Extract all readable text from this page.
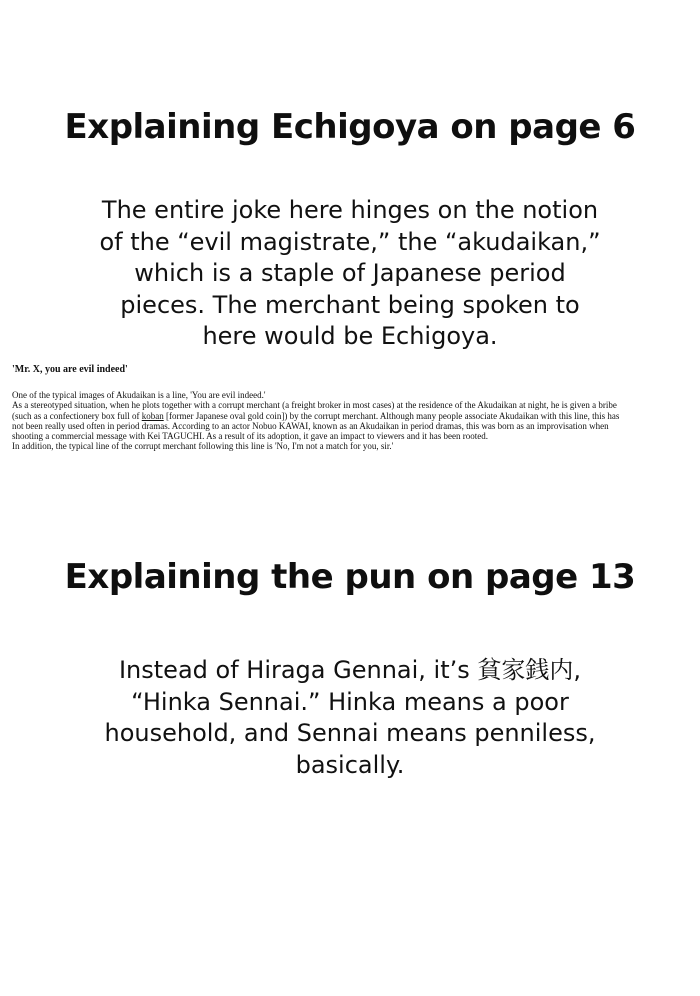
Explaining Echigoya on page 6
The entire joke here hinges on the notion
of the “evil magistrate,” the “akudaikan,”
which is a staple of Japanese period
pieces. The merchant being spoken to
here would be Echigoya.

'Mr. X, you are evil indeed'

One of the typical images of Akudaikan is a line, 'You are evil indeed.'
As a stereotyped situation, when he plots together with a corrupt merchant (a freight broker in most cases) at the residence of the Akudaikan at night, he is given a bribe
(such as a confectionery box full of koban [former Japanese oval gold coin]) by the corrupt merchant. Although many people associate Akudaikan with this line, this has
not been really used often in period dramas. According to an actor Nobuo KAWAI, known as an Akudaikan in period dramas, this was born as an improvisation when
shooting a commercial message with Kei TAGUCHI. As a result of its adoption, it gave an impact to viewers and it has been rooted.
In addition, the typical line of the corrupt merchant following this line is 'No, I'm not a match for you, sir.'
Explaining the pun on page 13
Instead of Hiraga Gennai, it’s 貧家銭内,
“Hinka Sennai.” Hinka means a poor
household, and Sennai means penniless,
basically.
